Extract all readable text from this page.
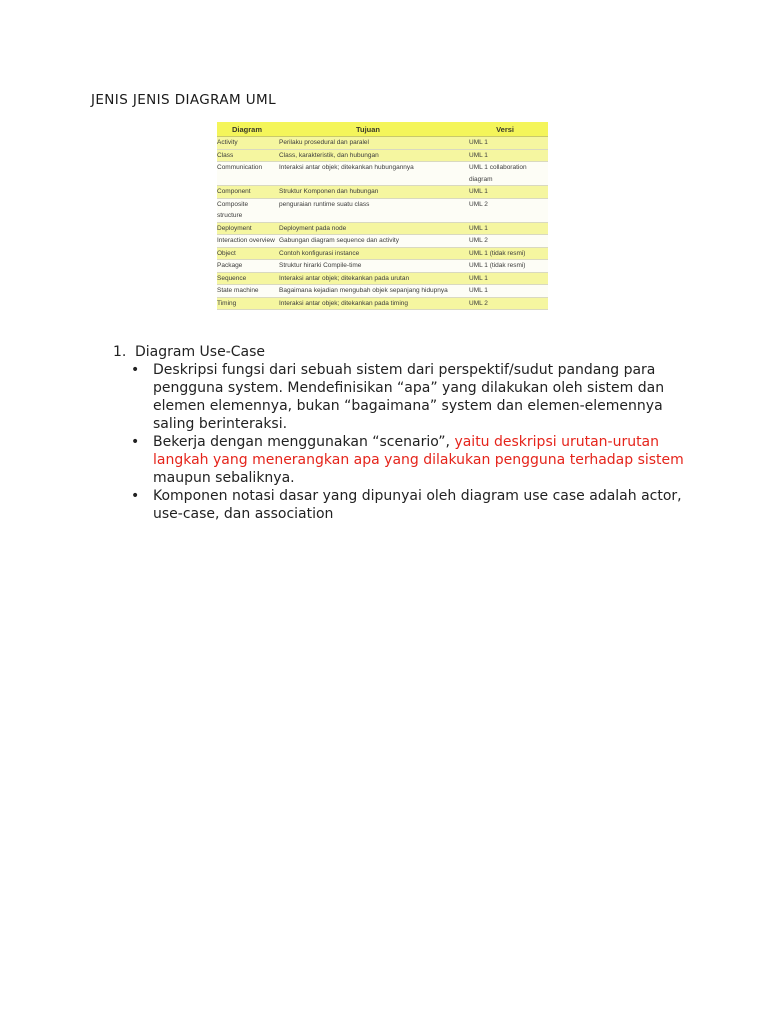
JENIS JENIS DIAGRAM UML
Diagram	Tujuan	Versi
Activity	Perilaku prosedural dan paralel	UML 1
Class	Class, karakteristik, dan hubungan	UML 1
Communication	Interaksi antar objek; ditekankan hubungannya	UML 1 collaboration diagram
Component	Struktur Komponen dan hubungan	UML 1
Composite structure	penguraian runtime suatu class	UML 2
Deployment	Deployment pada node	UML 1
Interaction overview	Gabungan diagram sequence dan activity	UML 2
Object	Contoh konfigurasi instance	UML 1 (tidak resmi)
Package	Struktur hirarki Compile-time	UML 1 (tidak resmi)
Sequence	Interaksi antar objek; ditekankan pada urutan	UML 1
State machine	Bagaimana kejadian mengubah objek sepanjang hidupnya	UML 1
Timing	Interaksi antar objek; ditekankan pada timing	UML 2
1. Diagram Use-Case
• Deskripsi fungsi dari sebuah sistem dari perspektif/sudut pandang para pengguna system. Mendefinisikan “apa” yang dilakukan oleh sistem dan elemen elemennya, bukan “bagaimana” system dan elemen-elemennya saling berinteraksi.
• Bekerja dengan menggunakan “scenario”, yaitu deskripsi urutan-urutan langkah yang menerangkan apa yang dilakukan pengguna terhadap sistem maupun sebaliknya.
• Komponen notasi dasar yang dipunyai oleh diagram use case adalah actor, use-case, dan association
